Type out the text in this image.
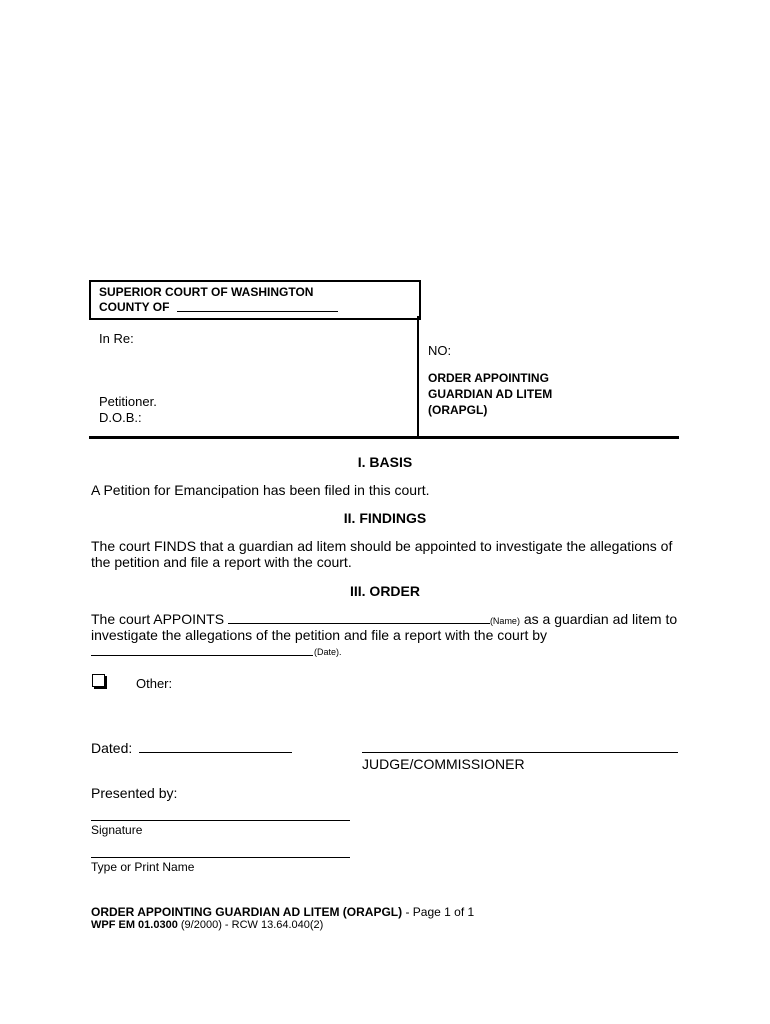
SUPERIOR COURT OF WASHINGTON
COUNTY OF
In Re:
Petitioner.
D.O.B.:
NO:
ORDER APPOINTING
GUARDIAN AD LITEM
(ORAPGL)
I. BASIS
A Petition for Emancipation has been filed in this court.
II. FINDINGS
The court FINDS that a guardian ad litem should be appointed to investigate the allegations of the petition and file a report with the court.
III. ORDER
The court APPOINTS	(Name) as a guardian ad litem to
investigate the allegations of the petition and file a report with the court by
(Date).
Other:
Dated:
JUDGE/COMMISSIONER
Presented by:
Signature
Type or Print Name
ORDER APPOINTING GUARDIAN AD LITEM (ORAPGL) - Page 1 of 1
WPF EM 01.0300 (9/2000) - RCW 13.64.040(2)
